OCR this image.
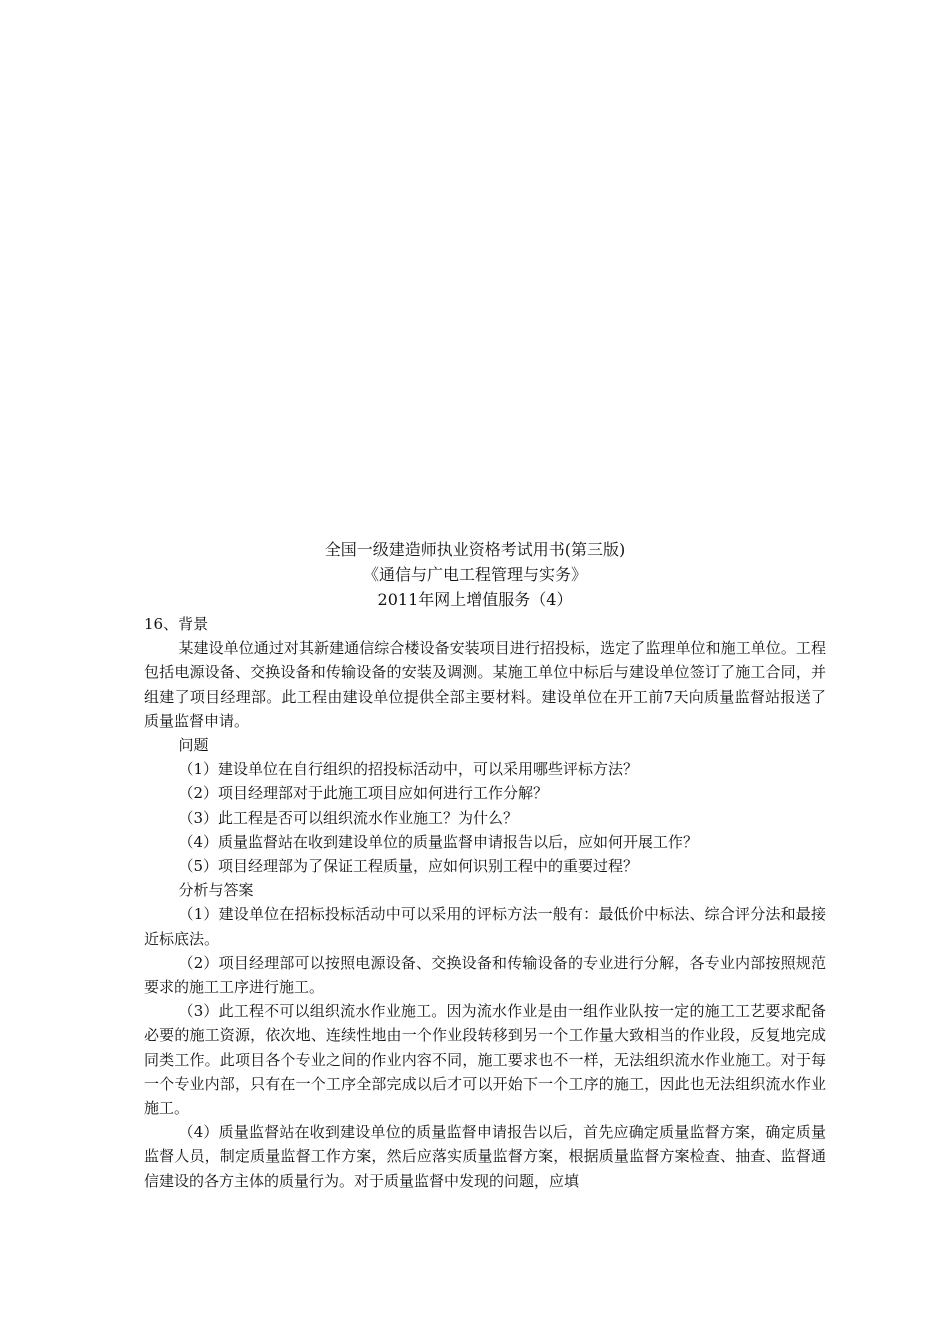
全国一级建造师执业资格考试用书(第三版)
《通信与广电工程管理与实务》
2011年网上增值服务（4）

16、背景

某建设单位通过对其新建通信综合楼设备安装项目进行招投标，选定了监理单位和施工单位。工程包括电源设备、交换设备和传输设备的安装及调测。某施工单位中标后与建设单位签订了施工合同，并组建了项目经理部。此工程由建设单位提供全部主要材料。建设单位在开工前7天向质量监督站报送了质量监督申请。

问题

（1）建设单位在自行组织的招投标活动中，可以采用哪些评标方法？

（2）项目经理部对于此施工项目应如何进行工作分解？

（3）此工程是否可以组织流水作业施工？为什么？

（4）质量监督站在收到建设单位的质量监督申请报告以后，应如何开展工作？

（5）项目经理部为了保证工程质量，应如何识别工程中的重要过程？

分析与答案

（1）建设单位在招标投标活动中可以采用的评标方法一般有：最低价中标法、综合评分法和最接近标底法。

（2）项目经理部可以按照电源设备、交换设备和传输设备的专业进行分解，各专业内部按照规范要求的施工工序进行施工。

（3）此工程不可以组织流水作业施工。因为流水作业是由一组作业队按一定的施工工艺要求配备必要的施工资源，依次地、连续性地由一个作业段转移到另一个工作量大致相当的作业段，反复地完成同类工作。此项目各个专业之间的作业内容不同，施工要求也不一样，无法组织流水作业施工。对于每一个专业内部，只有在一个工序全部完成以后才可以开始下一个工序的施工，因此也无法组织流水作业施工。

（4）质量监督站在收到建设单位的质量监督申请报告以后，首先应确定质量监督方案，确定质量监督人员，制定质量监督工作方案，然后应落实质量监督方案，根据质量监督方案检查、抽查、监督通信建设的各方主体的质量行为。对于质量监督中发现的问题，应填
